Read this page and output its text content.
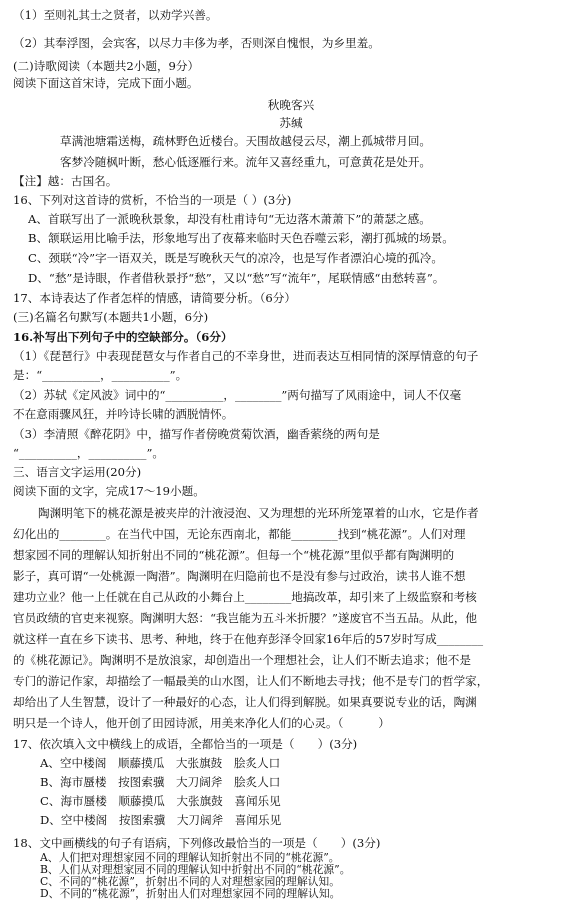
（1）至则礼其士之贤者，以劝学兴善。
（2）其奉浮图，会宾客，以尽力丰侈为孝，否则深自愧恨，为乡里羞。
(二)诗歌阅读（本题共2小题，9分）
阅读下面这首宋诗，完成下面小题。
秋晚客兴
苏缄
草满池塘霜送梅，疏林野色近楼台。天围故越侵云尽，潮上孤城带月回。
客梦冷随枫叶断，愁心低逐雁行来。流年又喜经重九，可意黄花是处开。
【注】越：古国名。
16、下列对这首诗的赏析，不恰当的一项是（ ）(3分)
A、首联写出了一派晚秋景象，却没有杜甫诗句“无边落木萧萧下”的萧瑟之感。
B、颔联运用比喻手法，形象地写出了夜幕来临时天色吞噬云彩，潮打孤城的场景。
C、颈联“冷”字一语双关，既是写晚秋天气的凉冷，也是写作者漂泊心境的孤冷。
D、“愁”是诗眼，作者借秋景抒“愁”，又以“愁”写“流年”，尾联情感“由愁转喜”。
17、本诗表达了作者怎样的情感，请简要分析。（6分）
(三)名篇名句默写(本题共1小题，6分)
16.补写出下列句子中的空缺部分。（6分）
（1）《琵琶行》中表现琵琶女与作者自己的不幸身世，进而表达互相同情的深厚情意的句子
是：“__________，__________”。
（2）苏轼《定风波》词中的“__________，________”两句描写了风雨途中，词人不仅毫
不在意雨骤风狂，并吟诗长啸的洒脱情怀。
（3）李清照《醉花阴》中，描写作者傍晚赏菊饮酒，幽香萦绕的两句是
“__________，__________”。
三、语言文字运用(20分)
阅读下面的文字，完成17～19小题。
陶渊明笔下的桃花源是被夹岸的汁液浸泡、又为理想的光环所笼罩着的山水，它是作者
幻化出的________。在当代中国，无论东西南北，都能________找到“桃花源”。人们对理
想家园不同的理解认知折射出不同的“桃花源”。但每一个“桃花源”里似乎都有陶渊明的
影子，真可谓“一处桃源一陶潜”。陶渊明在归隐前也不是没有参与过政治，读书人谁不想
建功立业？他一上任就在自己从政的小舞台上________地搞改革，却引来了上级监察和考核
官员政绩的官吏来视察。陶渊明大怒：“我岂能为五斗米折腰？”遂废官不当五品。从此，他
就这样一直在乡下读书、思考、种地，终于在他弃彭泽令回家16年后的57岁时写成________
的《桃花源记》。陶渊明不是放浪家，却创造出一个理想社会，让人们不断去追求；他不是
专门的游记作家，却描绘了一幅最美的山水图，让人们不断地去寻找；他不是专门的哲学家，
却给出了人生智慧，设计了一种最好的心态，让人们得到解脱。如果真要说专业的话，陶渊
明只是一个诗人，他开创了田园诗派，用美来净化人们的心灵。（　　　）
17、依次填入文中横线上的成语，全都恰当的一项是（　　）(3分)
A、空中楼阁　顺藤摸瓜　大张旗鼓　脍炙人口
B、海市蜃楼　按图索骥　大刀阔斧　脍炙人口
C、海市蜃楼　顺藤摸瓜　大张旗鼓　喜闻乐见
D、空中楼阁　按图索骥　大刀阔斧　喜闻乐见
18、文中画横线的句子有语病，下列修改最恰当的一项是（　　）(3分)
A、人们把对理想家园不同的理解认知折射出不同的“桃花源”。
B、人们从对理想家园不同的理解认知中折射出不同的“桃花源”。
C、不同的“桃花源”，折射出不同的人对理想家园的理解认知。
D、不同的“桃花源”，折射出人们对理想家园不同的理解认知。
